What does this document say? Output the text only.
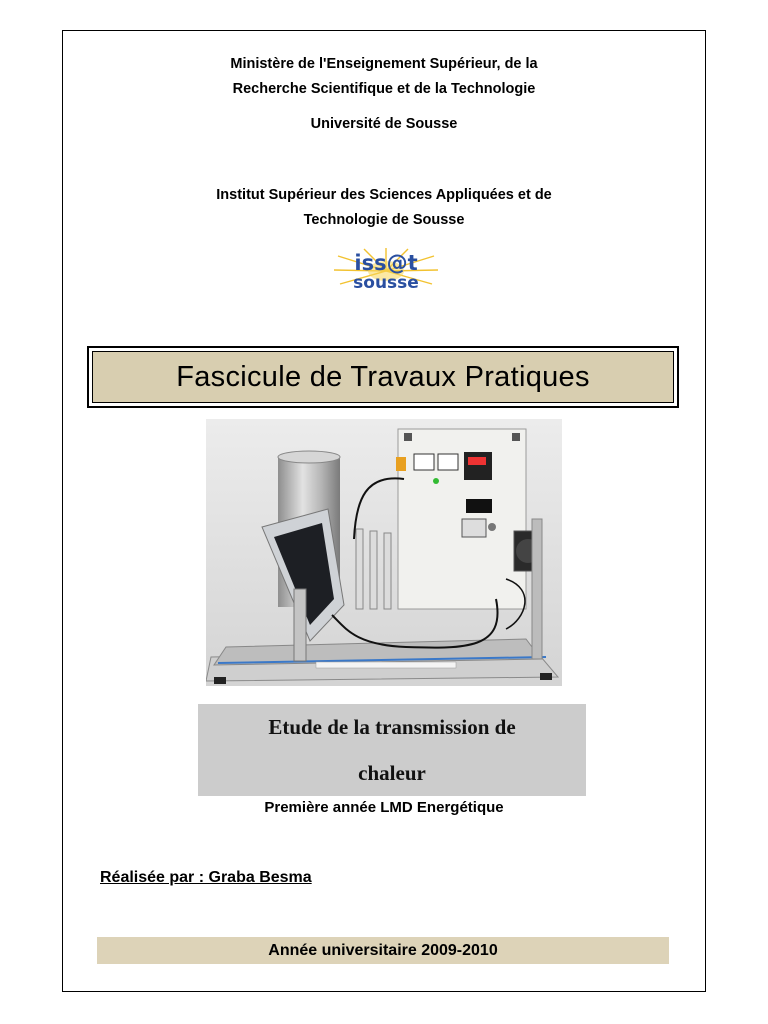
Ministère de l'Enseignement Supérieur, de la
Recherche Scientifique et de la Technologie
Université de Sousse
Institut Supérieur des Sciences Appliquées et de
Technologie de Sousse
iss@t
sousse
Fascicule de Travaux Pratiques
Etude de la transmission de
chaleur
Première année LMD Energétique
Réalisée par : Graba Besma
Année universitaire 2009-2010
